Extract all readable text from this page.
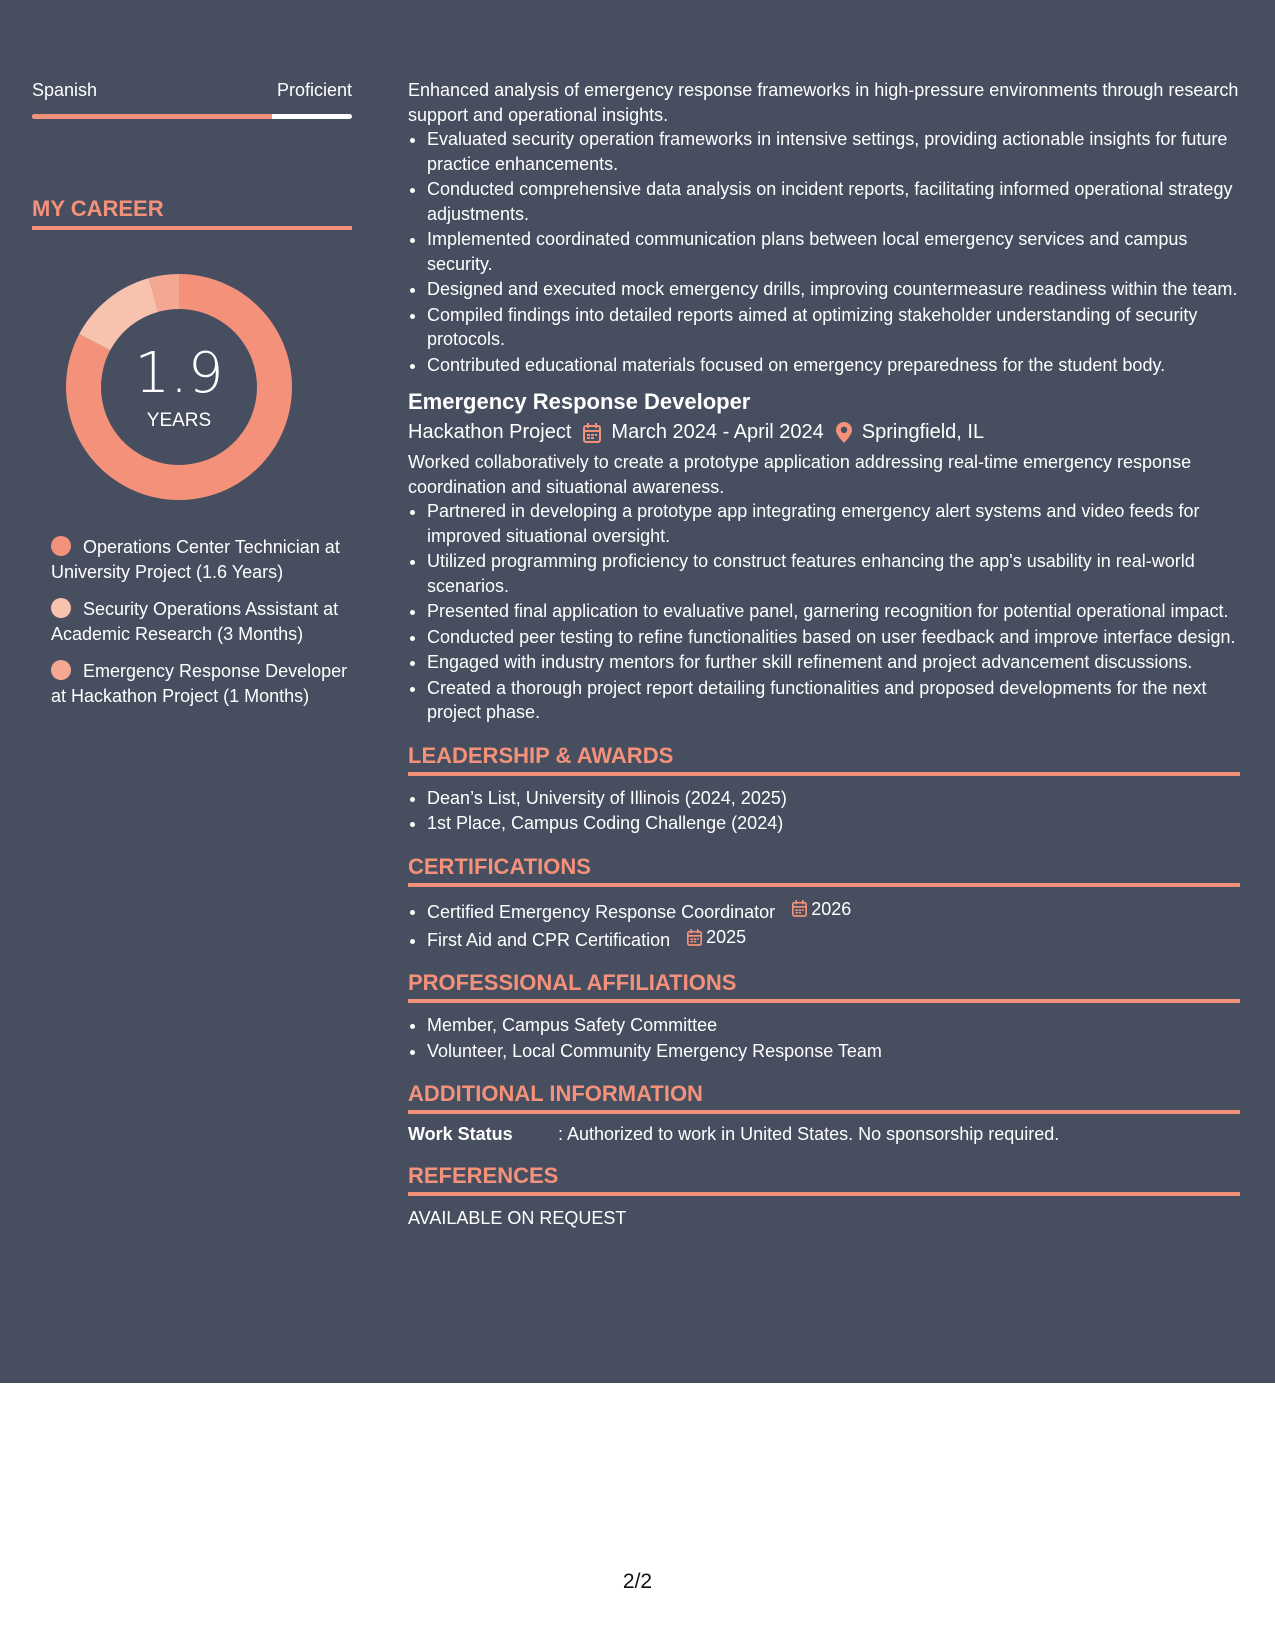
Spanish	Proficient
MY CAREER
1.9
YEARS
Operations Center Technician at University Project (1.6 Years)
Security Operations Assistant at Academic Research (3 Months)
Emergency Response Developer at Hackathon Project (1 Months)

Enhanced analysis of emergency response frameworks in high-pressure environments through research support and operational insights.

• Evaluated security operation frameworks in intensive settings, providing actionable insights for future practice enhancements.
• Conducted comprehensive data analysis on incident reports, facilitating informed operational strategy adjustments.
• Implemented coordinated communication plans between local emergency services and campus security.
• Designed and executed mock emergency drills, improving countermeasure readiness within the team.
• Compiled findings into detailed reports aimed at optimizing stakeholder understanding of security protocols.
• Contributed educational materials focused on emergency preparedness for the student body.
Emergency Response Developer
Hackathon Project March 2024 - April 2024 Springfield, IL

Worked collaboratively to create a prototype application addressing real-time emergency response coordination and situational awareness.

• Partnered in developing a prototype app integrating emergency alert systems and video feeds for improved situational oversight.
• Utilized programming proficiency to construct features enhancing the app's usability in real-world scenarios.
• Presented final application to evaluative panel, garnering recognition for potential operational impact.
• Conducted peer testing to refine functionalities based on user feedback and improve interface design.
• Engaged with industry mentors for further skill refinement and project advancement discussions.
• Created a thorough project report detailing functionalities and proposed developments for the next project phase.
LEADERSHIP & AWARDS
• Dean’s List, University of Illinois (2024, 2025)
• 1st Place, Campus Coding Challenge (2024)
CERTIFICATIONS
• Certified Emergency Response Coordinator 2026
• First Aid and CPR Certification 2025
PROFESSIONAL AFFILIATIONS
• Member, Campus Safety Committee
• Volunteer, Local Community Emergency Response Team
ADDITIONAL INFORMATION
Work Status	: Authorized to work in United States. No sponsorship required.
REFERENCES
AVAILABLE ON REQUEST
2/2
